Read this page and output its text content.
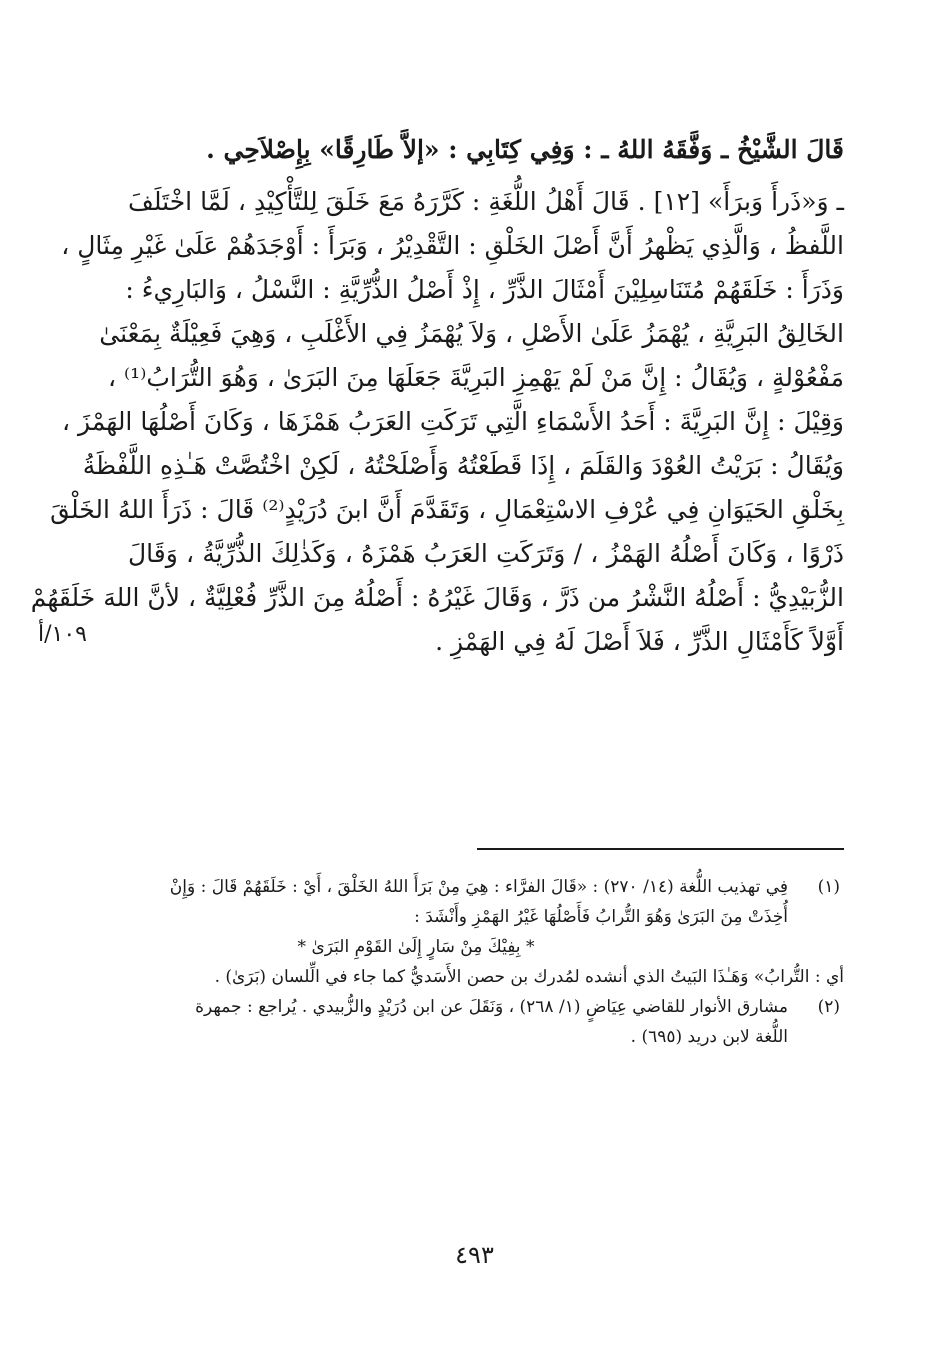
قَالَ الشَّيْخُ ـ وَفَّقَهُ اللهُ ـ : وَفِي كِتَابِي : «إلاَّ طَارِقًا» بِإِصْلاَحِي .
ـ وَ«ذَرأَ وَبرَأَ» [١٢] . قَالَ أَهْلُ اللُّغَةِ : كَرَّرَهُ مَعَ خَلَقَ لِلتَّأْكِيْدِ ، لَمَّا اخْتَلَفَ
اللَّفظُ ، وَالَّذِي يَظْهرُ أَنَّ أَصْلَ الخَلْقِ : التَّقْدِيْرُ ، وَبَرَأَ : أَوْجَدَهُمْ عَلَىٰ غَيْرِ مِثَالٍ ،
وَذَرَأَ : خَلَقَهُمْ مُتَنَاسِلِيْنَ أَمْثَالَ الذَّرِّ ، إِذْ أَصْلُ الذُّرِّيَّةِ : النَّسْلُ ، وَالبَارِيءُ :
الخَالِقُ البَرِيَّةِ ، يُهْمَزُ عَلَىٰ الأَصْلِ ، وَلاَ يُهْمَزُ فِي الأَغْلَبِ ، وَهِيَ فَعِيْلَةٌ بِمَعْنَىٰ
مَفْعُوْلةٍ ، وَيُقَالُ : إِنَّ مَنْ لَمْ يَهْمِزِ البَرِيَّةَ جَعَلَهَا مِنَ البَرَىٰ ، وَهُوَ التُّرَابُ⁽¹⁾ ،
وَقِيْلَ : إِنَّ البَرِيَّةَ : أَحَدُ الأَسْمَاءِ الَّتِي تَرَكَتِ العَرَبُ هَمْزَهَا ، وَكَانَ أَصْلُهَا الهَمْزَ ،
وَيُقَالُ : بَرَيْتُ العُوْدَ وَالقَلَمَ ، إِذَا قَطَعْتُهُ وَأَصْلَحْتُهُ ، لَكِنْ اخْتُصَّتْ هَـٰذِهِ اللَّفْظَةُ
بِخَلْقِ الحَيَوَانِ فِي عُرْفِ الاسْتِعْمَالِ ، وَتَقَدَّمَ أَنَّ ابنَ دُرَيْدٍ⁽²⁾ قَالَ : ذَرَأَ اللهُ الخَلْقَ
ذَرْوًا ، وَكَانَ أَصْلُهُ الهَمْزُ ، / وَتَرَكَتِ العَرَبُ هَمْزَهُ ، وَكَذٰلِكَ الذُّرِّيَّةُ ، وَقَالَ
الزُّبَيْدِيُّ : أَصْلُهُ النَّشْرُ من ذَرَّ ، وَقَالَ غَيْرُهُ : أَصْلُهُ مِنَ الذَّرِّ فُعْلِيَّةٌ ، لأنَّ اللهَ خَلَقَهُمْ
أَوَّلاً كَأَمْثَالِ الذَّرِّ ، فَلاَ أَصْلَ لَهُ فِي الهَمْزِ .
١٠٩/أ
(١)
فِي تهذيب اللُّغة (١٤/ ٢٧٠) : «قَالَ الفرَّاء : هِيَ مِنْ بَرَأَ اللهُ الخَلْقَ ، أَيْ : خَلَقَهُمْ قَالَ : وَإِنْ
أُخِذَتْ مِنَ البَرَىٰ وَهُوَ التُّرابُ فَأَصْلُهَا غَيْرُ الهَمْزِ وأَنْشَدَ :
* بِفِيْكَ مِنْ سَارٍ إِلَىٰ القَوْمِ البَرَىٰ *
أي : التُّرابُ» وَهَـٰذَا البَيتُ الذي أنشده لمُدرك بن حصن الأَسَديُّ كما جاء في الِّلسان (بَرَىٰ) .
(٢)
مشارق الأنوار للقاضي عِيَاضٍ (١/ ٢٦٨) ، وَنَقَلَ عن ابن دُرَيْدٍ والزُّبيدي . يُراجع : جمهرة
اللُّغة لابن دريد (٦٩٥) .
٤٩٣
